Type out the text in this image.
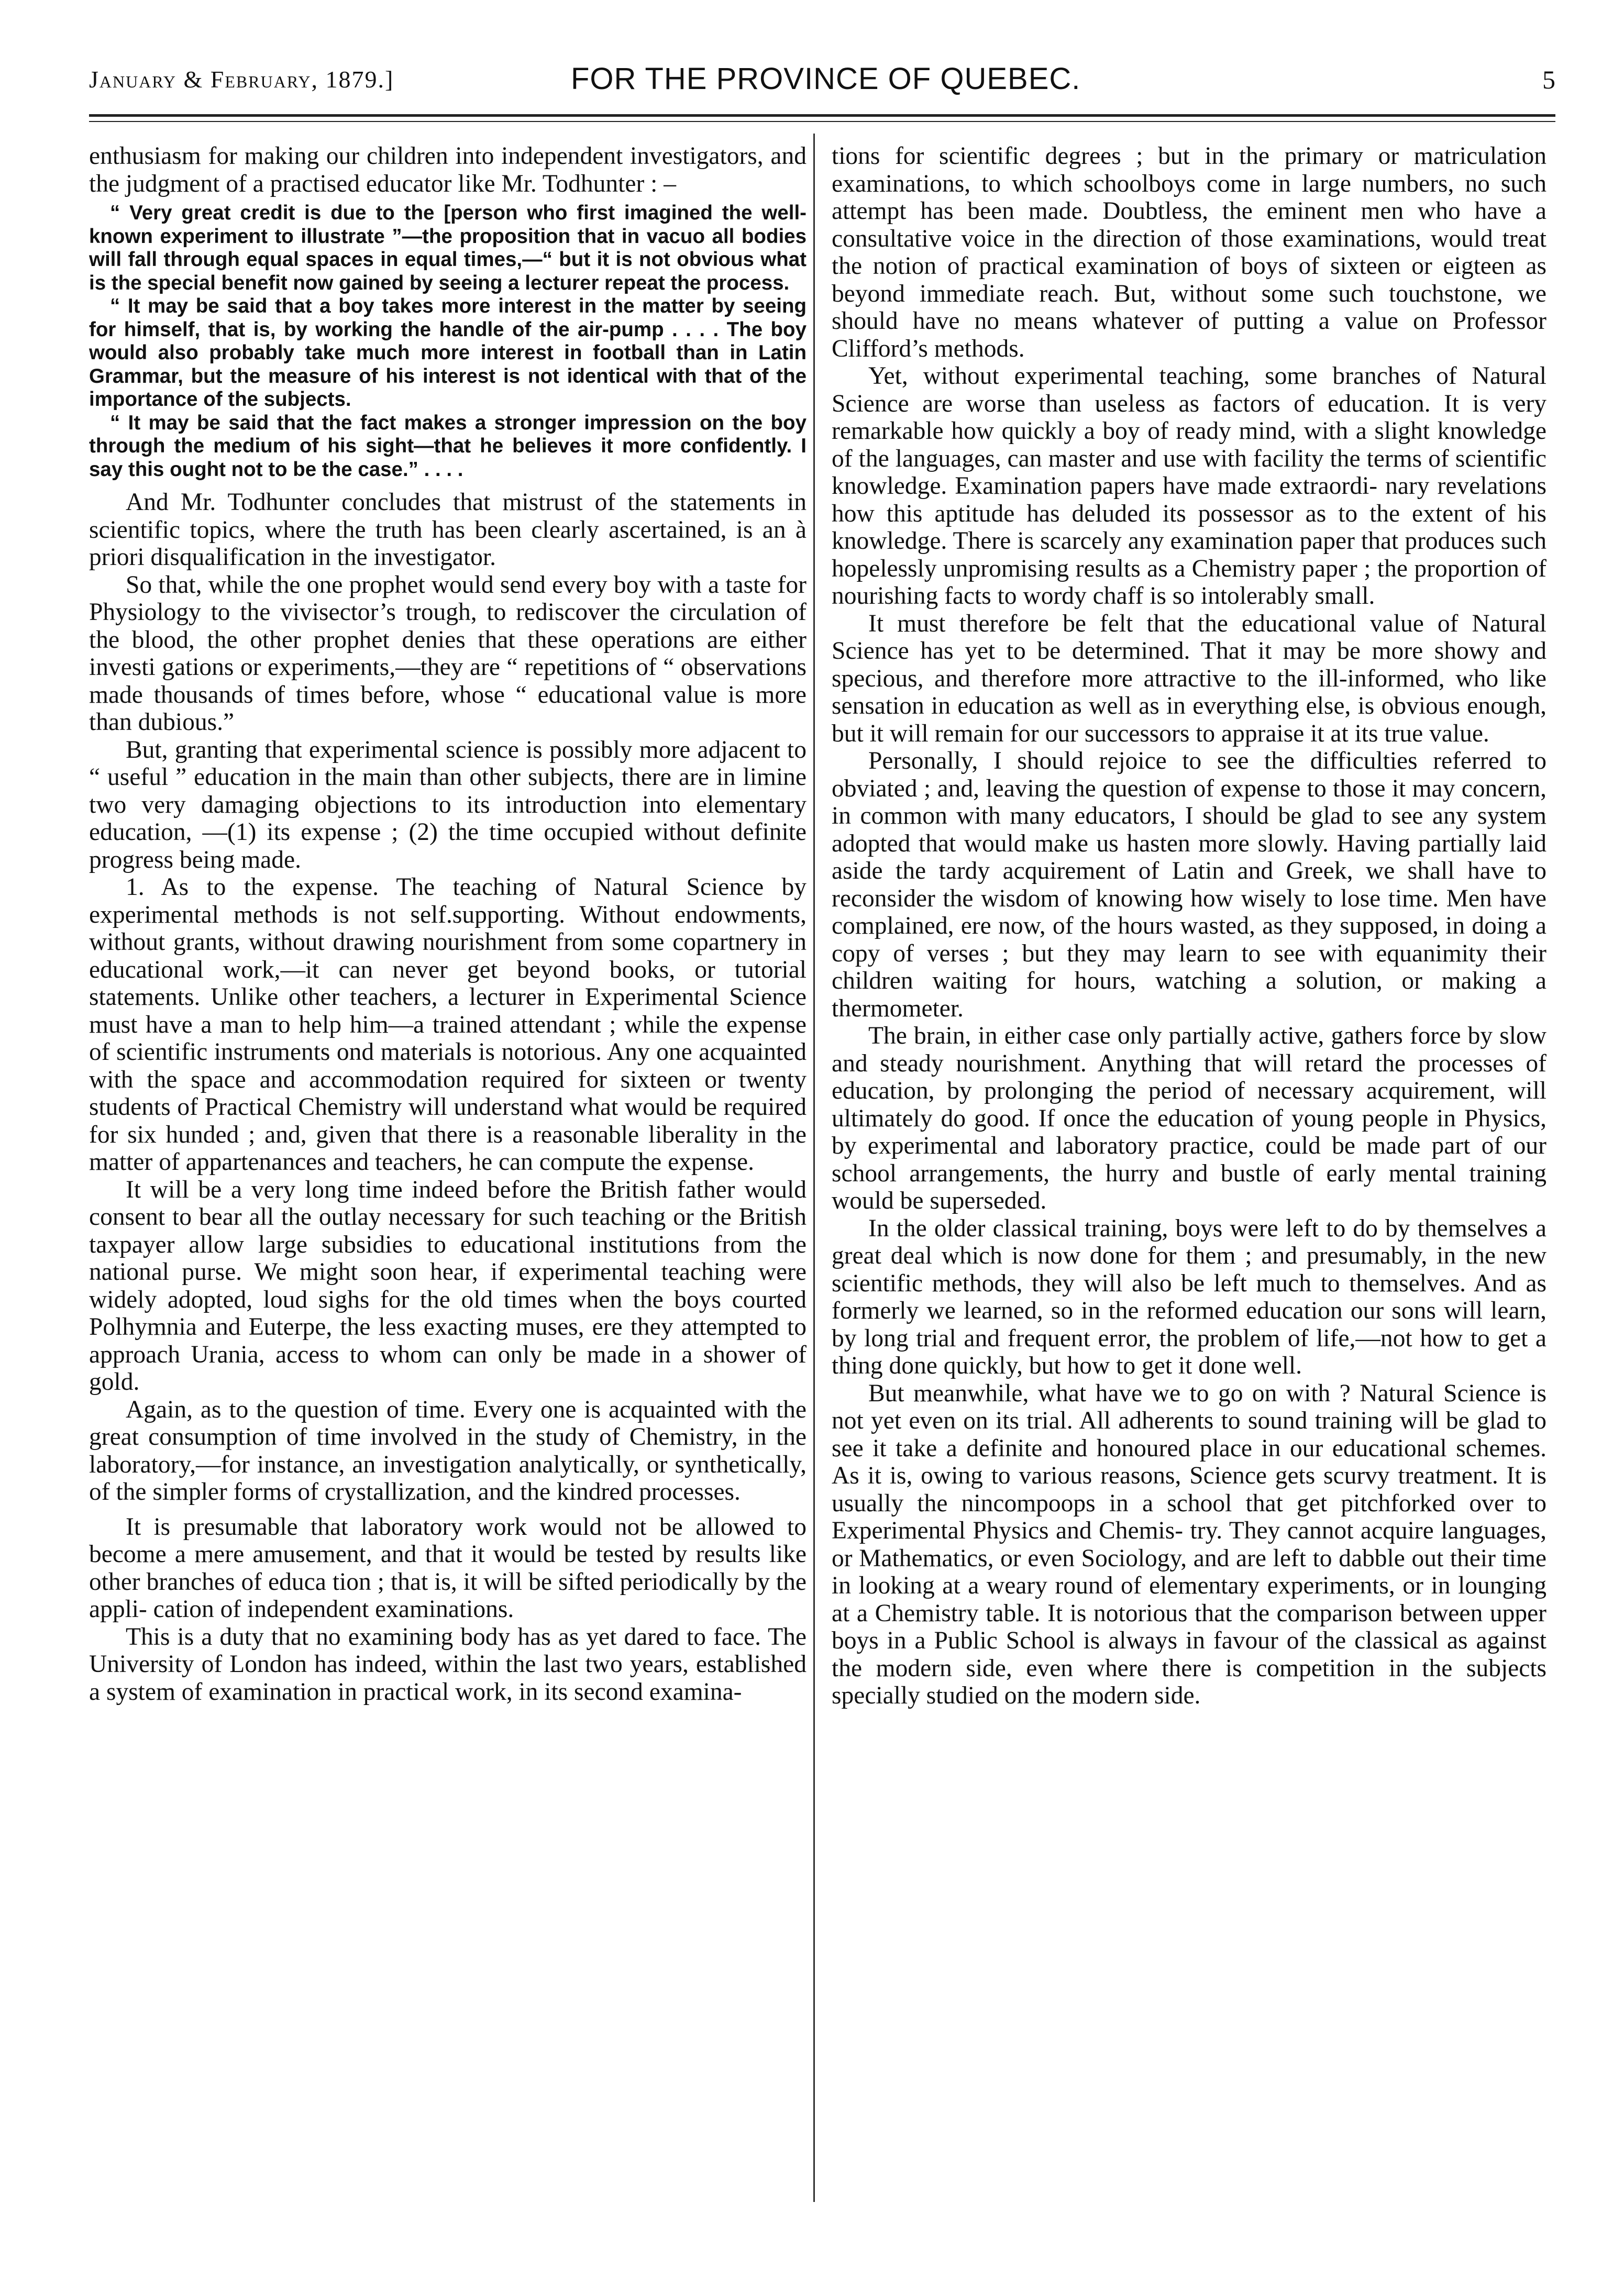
January & February, 1879.]	FOR THE PROVINCE OF QUEBEC.	5

enthusiasm for making our children into independent investigators, and the judgment of a practised educator like Mr. Todhunter : –

“ Very great credit is due to the [person who first imagined the well-known experiment to illustrate ”—the proposition that in vacuo all bodies will fall through equal spaces in equal times,—“ but it is not obvious what is the special benefit now gained by seeing a lecturer repeat the process.

“ It may be said that a boy takes more interest in the matter by seeing for himself, that is, by working the handle of the air-pump . . . . The boy would also probably take much more interest in football than in Latin Grammar, but the measure of his interest is not identical with that of the importance of the subjects.

“ It may be said that the fact makes a stronger impression on the boy through the medium of his sight—that he believes it more confidently. I say this ought not to be the case.” . . . .

And Mr. Todhunter concludes that mistrust of the statements in scientific topics, where the truth has been clearly ascertained, is an à priori disqualification in the investigator.

So that, while the one prophet would send every boy with a taste for Physiology to the vivisector’s trough, to rediscover the circulation of the blood, the other prophet denies that these operations are either investi gations or experiments,—they are “ repetitions of “ observations made thousands of times before, whose “ educational value is more than dubious.”

But, granting that experimental science is possibly more adjacent to “ useful ” education in the main than other subjects, there are in limine two very damaging objections to its introduction into elementary education, —(1) its expense ; (2) the time occupied without definite progress being made.

1. As to the expense. The teaching of Natural Science by experimental methods is not self.supporting. Without endowments, without grants, without drawing nourishment from some copartnery in educational work,—it can never get beyond books, or tutorial statements. Unlike other teachers, a lecturer in Experimental Science must have a man to help him—a trained attendant ; while the expense of scientific instruments ond materials is notorious. Any one acquainted with the space and accommodation required for sixteen or twenty students of Practical Chemistry will understand what would be required for six hunded ; and, given that there is a reasonable liberality in the matter of appartenances and teachers, he can compute the expense.

It will be a very long time indeed before the British father would consent to bear all the outlay necessary for such teaching or the British taxpayer allow large subsidies to educational institutions from the national purse. We might soon hear, if experimental teaching were widely adopted, loud sighs for the old times when the boys courted Polhymnia and Euterpe, the less exacting muses, ere they attempted to approach Urania, access to whom can only be made in a shower of gold.

Again, as to the question of time. Every one is acquainted with the great consumption of time involved in the study of Chemistry, in the laboratory,—for instance, an investigation analytically, or synthetically, of the simpler forms of crystallization, and the kindred processes.

It is presumable that laboratory work would not be allowed to become a mere amusement, and that it would be tested by results like other branches of educa tion ; that is, it will be sifted periodically by the appli- cation of independent examinations.

This is a duty that no examining body has as yet dared to face. The University of London has indeed, within the last two years, established a system of examination in practical work, in its second examina-

tions for scientific degrees ; but in the primary or matriculation examinations, to which schoolboys come in large numbers, no such attempt has been made. Doubtless, the eminent men who have a consultative voice in the direction of those examinations, would treat the notion of practical examination of boys of sixteen or eigteen as beyond immediate reach. But, without some such touchstone, we should have no means whatever of putting a value on Professor Clifford’s methods.

Yet, without experimental teaching, some branches of Natural Science are worse than useless as factors of education. It is very remarkable how quickly a boy of ready mind, with a slight knowledge of the languages, can master and use with facility the terms of scientific knowledge. Examination papers have made extraordi- nary revelations how this aptitude has deluded its possessor as to the extent of his knowledge. There is scarcely any examination paper that produces such hopelessly unpromising results as a Chemistry paper ; the proportion of nourishing facts to wordy chaff is so intolerably small.

It must therefore be felt that the educational value of Natural Science has yet to be determined. That it may be more showy and specious, and therefore more attractive to the ill-informed, who like sensation in education as well as in everything else, is obvious enough, but it will remain for our successors to appraise it at its true value.

Personally, I should rejoice to see the difficulties referred to obviated ; and, leaving the question of expense to those it may concern, in common with many educators, I should be glad to see any system adopted that would make us hasten more slowly. Having partially laid aside the tardy acquirement of Latin and Greek, we shall have to reconsider the wisdom of knowing how wisely to lose time. Men have complained, ere now, of the hours wasted, as they supposed, in doing a copy of verses ; but they may learn to see with equanimity their children waiting for hours, watching a solution, or making a thermometer.

The brain, in either case only partially active, gathers force by slow and steady nourishment. Anything that will retard the processes of education, by prolonging the period of necessary acquirement, will ultimately do good. If once the education of young people in Physics, by experimental and laboratory practice, could be made part of our school arrangements, the hurry and bustle of early mental training would be superseded.

In the older classical training, boys were left to do by themselves a great deal which is now done for them ; and presumably, in the new scientific methods, they will also be left much to themselves. And as formerly we learned, so in the reformed education our sons will learn, by long trial and frequent error, the problem of life,—not how to get a thing done quickly, but how to get it done well.

But meanwhile, what have we to go on with ? Natural Science is not yet even on its trial. All adherents to sound training will be glad to see it take a definite and honoured place in our educational schemes. As it is, owing to various reasons, Science gets scurvy treatment. It is usually the nincompoops in a school that get pitchforked over to Experimental Physics and Chemis- try. They cannot acquire languages, or Mathematics, or even Sociology, and are left to dabble out their time in looking at a weary round of elementary experiments, or in lounging at a Chemistry table. It is notorious that the comparison between upper boys in a Public School is always in favour of the classical as against the modern side, even where there is competition in the subjects specially studied on the modern side.
